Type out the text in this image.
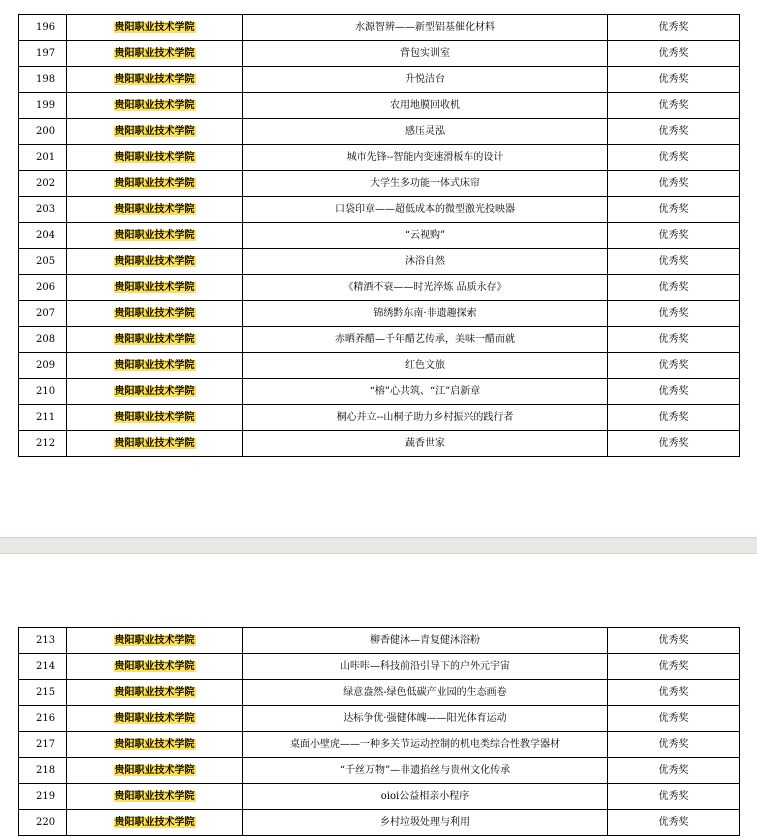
196	贵阳职业技术学院	水源智辨——新型铝基催化材料	优秀奖
197	贵阳职业技术学院	背包实训室	优秀奖
198	贵阳职业技术学院	升悦洁台	优秀奖
199	贵阳职业技术学院	农用地膜回收机	优秀奖
200	贵阳职业技术学院	感压灵泓	优秀奖
201	贵阳职业技术学院	城市先锋--智能内变速滑板车的设计	优秀奖
202	贵阳职业技术学院	大学生多功能一体式床帘	优秀奖
203	贵阳职业技术学院	口袋印章——超低成本的微型激光投映器	优秀奖
204	贵阳职业技术学院	“云视购”	优秀奖
205	贵阳职业技术学院	沐浴自然	优秀奖
206	贵阳职业技术学院	《精酒不衰——时光淬炼 品质永存》	优秀奖
207	贵阳职业技术学院	锦绣黔东南·非遗趣探索	优秀奖
208	贵阳职业技术学院	赤晒养醋—千年醋艺传承，美味一醋而就	优秀奖
209	贵阳职业技术学院	红色文旅	优秀奖
210	贵阳职业技术学院	“榕”心共筑、“江”启新章	优秀奖
211	贵阳职业技术学院	桐心并立--山桐子助力乡村振兴的践行者	优秀奖
212	贵阳职业技术学院	蔬香世家	优秀奖
213	贵阳职业技术学院	柳香健沐—青复健沐浴粉	优秀奖
214	贵阳职业技术学院	山咔咔—科技前沿引导下的户外元宇宙	优秀奖
215	贵阳职业技术学院	绿意盎然-绿色低碳产业园的生态画卷	优秀奖
216	贵阳职业技术学院	达标争优·强健体魄——阳光体育运动	优秀奖
217	贵阳职业技术学院	桌面小壁虎——一种多关节运动控制的机电类综合性教学器材	优秀奖
218	贵阳职业技术学院	“千丝万物”—非遗掐丝与贵州文化传承	优秀奖
219	贵阳职业技术学院	oioi公益相亲小程序	优秀奖
220	贵阳职业技术学院	乡村垃圾处理与利用	优秀奖
